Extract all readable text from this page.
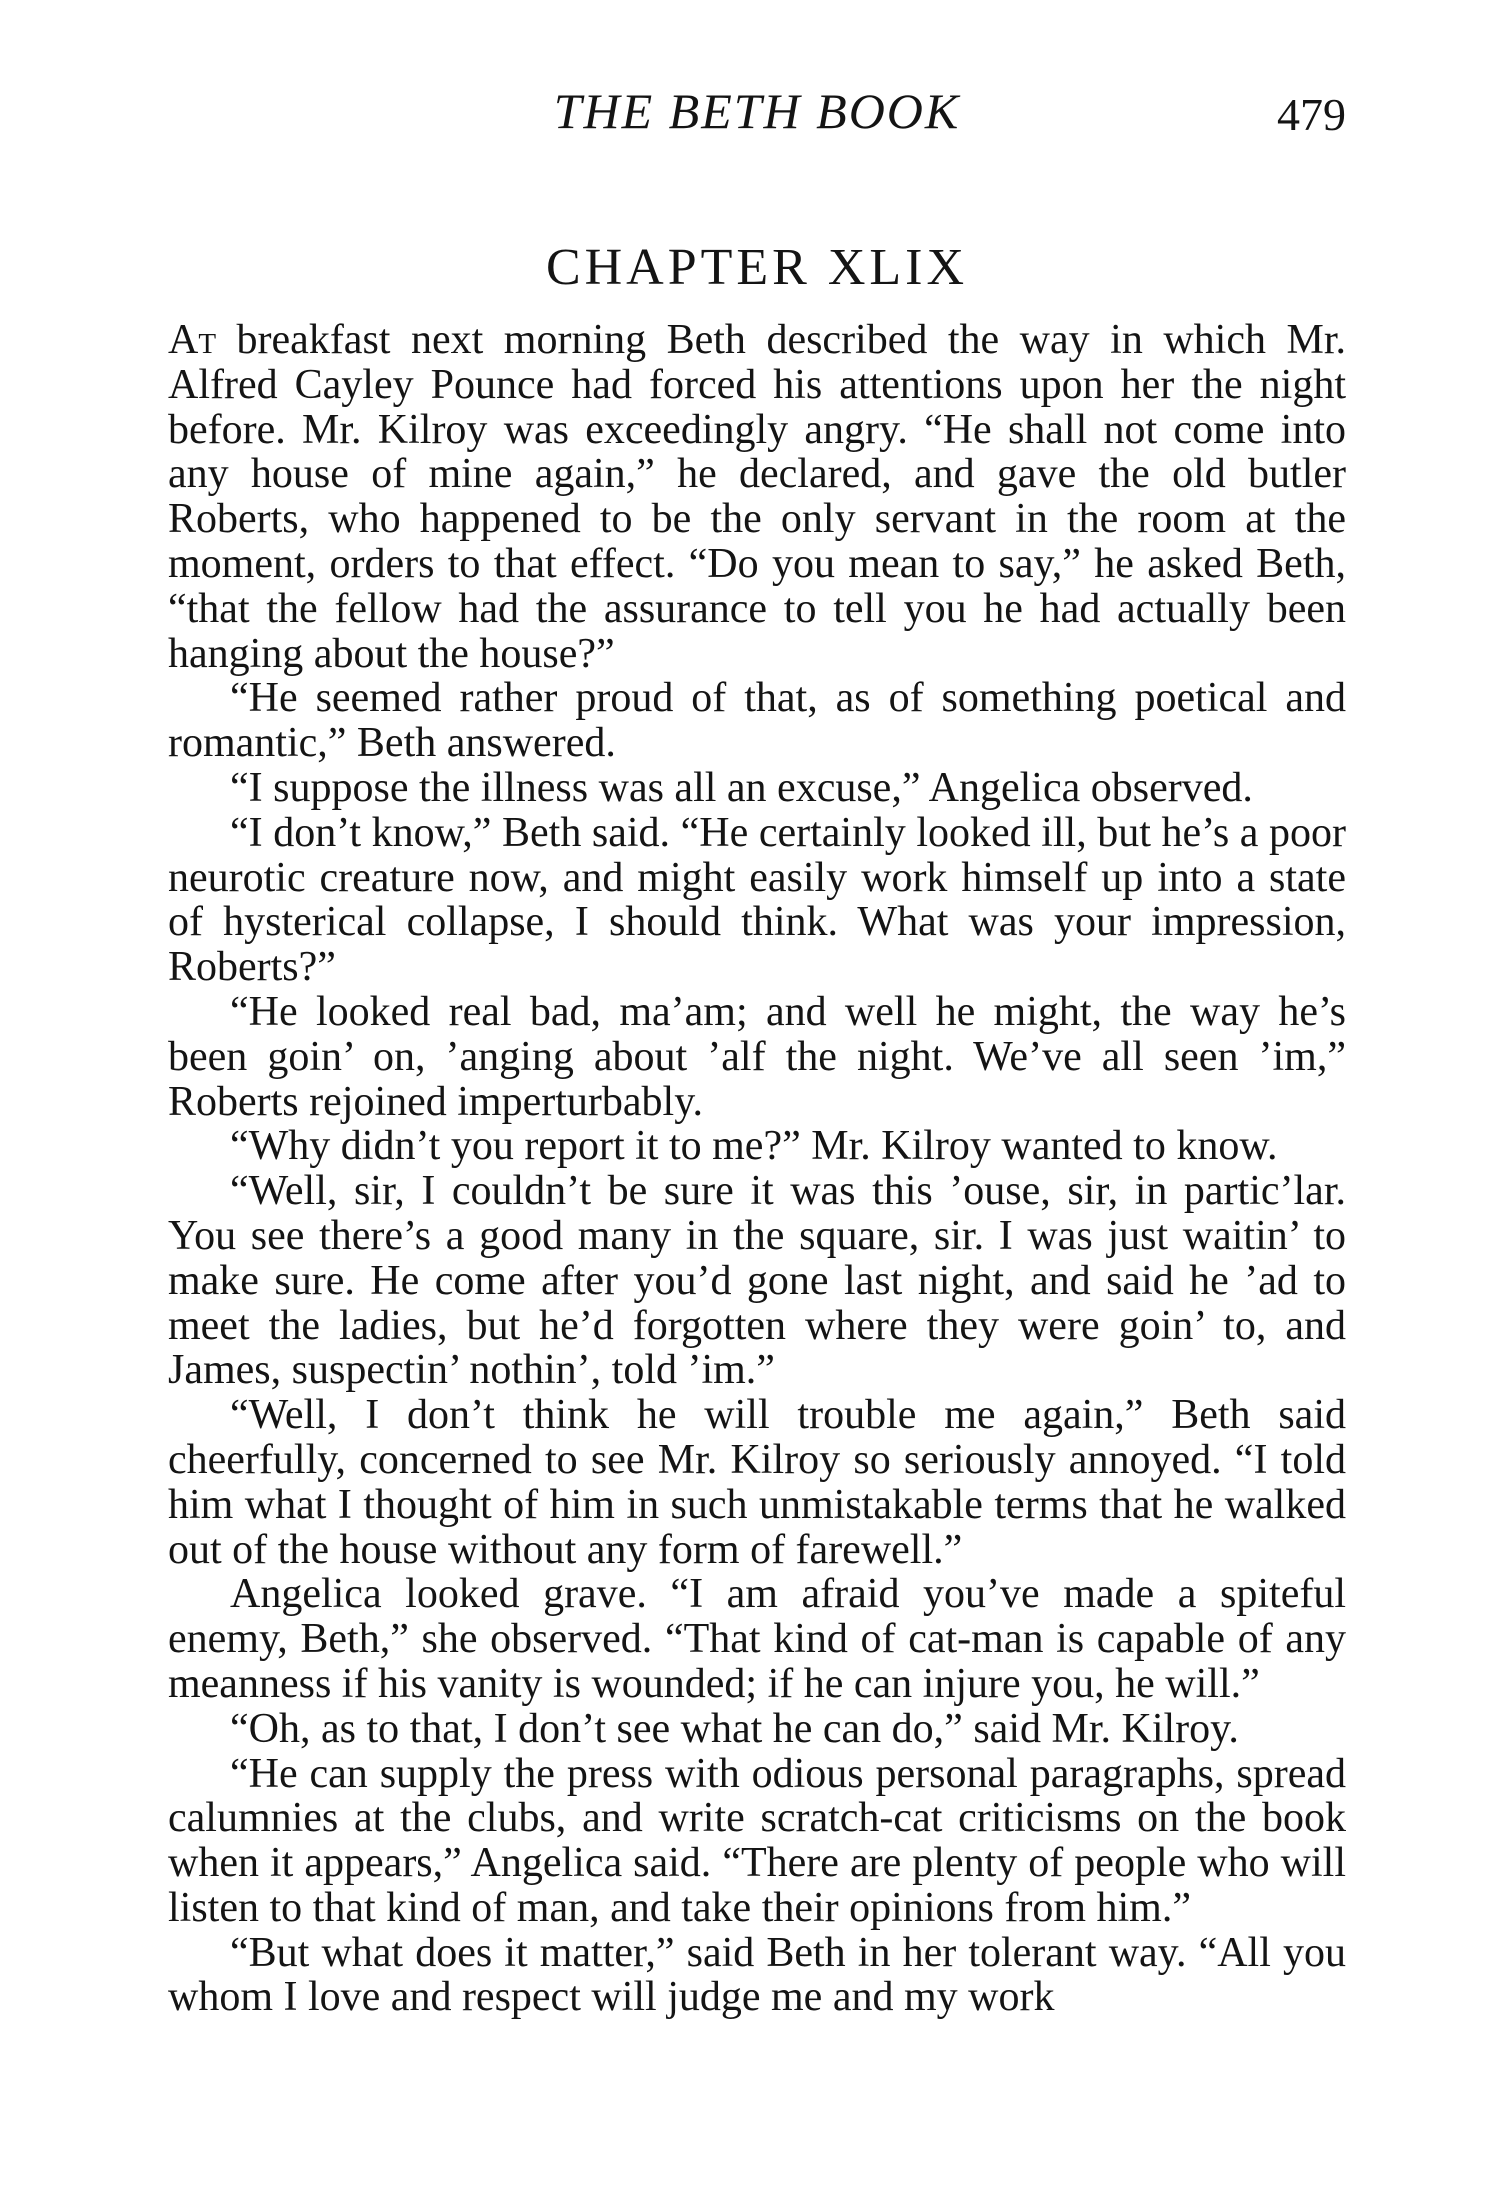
THE BETH BOOK	479
CHAPTER XLIX

At breakfast next morning Beth described the way in which Mr. Alfred Cayley Pounce had forced his attentions upon her the night before. Mr. Kilroy was exceedingly angry. “He shall not come into any house of mine again,” he declared, and gave the old butler Roberts, who happened to be the only servant in the room at the moment, orders to that effect. “Do you mean to say,” he asked Beth, “that the fellow had the assurance to tell you he had actually been hanging about the house?”

“He seemed rather proud of that, as of something poetical and romantic,” Beth answered.

“I suppose the illness was all an excuse,” Angelica observed.

“I don’t know,” Beth said. “He certainly looked ill, but he’s a poor neurotic creature now, and might easily work himself up into a state of hysterical collapse, I should think. What was your impression, Roberts?”

“He looked real bad, ma’am; and well he might, the way he’s been goin’ on, ’anging about ’alf the night. We’ve all seen ’im,” Roberts rejoined imperturbably.

“Why didn’t you report it to me?” Mr. Kilroy wanted to know.

“Well, sir, I couldn’t be sure it was this ’ouse, sir, in partic’lar. You see there’s a good many in the square, sir. I was just waitin’ to make sure. He come after you’d gone last night, and said he ’ad to meet the ladies, but he’d forgotten where they were goin’ to, and James, suspectin’ nothin’, told ’im.”

“Well, I don’t think he will trouble me again,” Beth said cheerfully, concerned to see Mr. Kilroy so seriously annoyed. “I told him what I thought of him in such unmistakable terms that he walked out of the house without any form of farewell.”

Angelica looked grave. “I am afraid you’ve made a spiteful enemy, Beth,” she observed. “That kind of cat-man is capable of any meanness if his vanity is wounded; if he can injure you, he will.”

“Oh, as to that, I don’t see what he can do,” said Mr. Kilroy.

“He can supply the press with odious personal paragraphs, spread calumnies at the clubs, and write scratch-cat criticisms on the book when it appears,” Angelica said. “There are plenty of people who will listen to that kind of man, and take their opinions from him.”

“But what does it matter,” said Beth in her tolerant way. “All you whom I love and respect will judge me and my work
